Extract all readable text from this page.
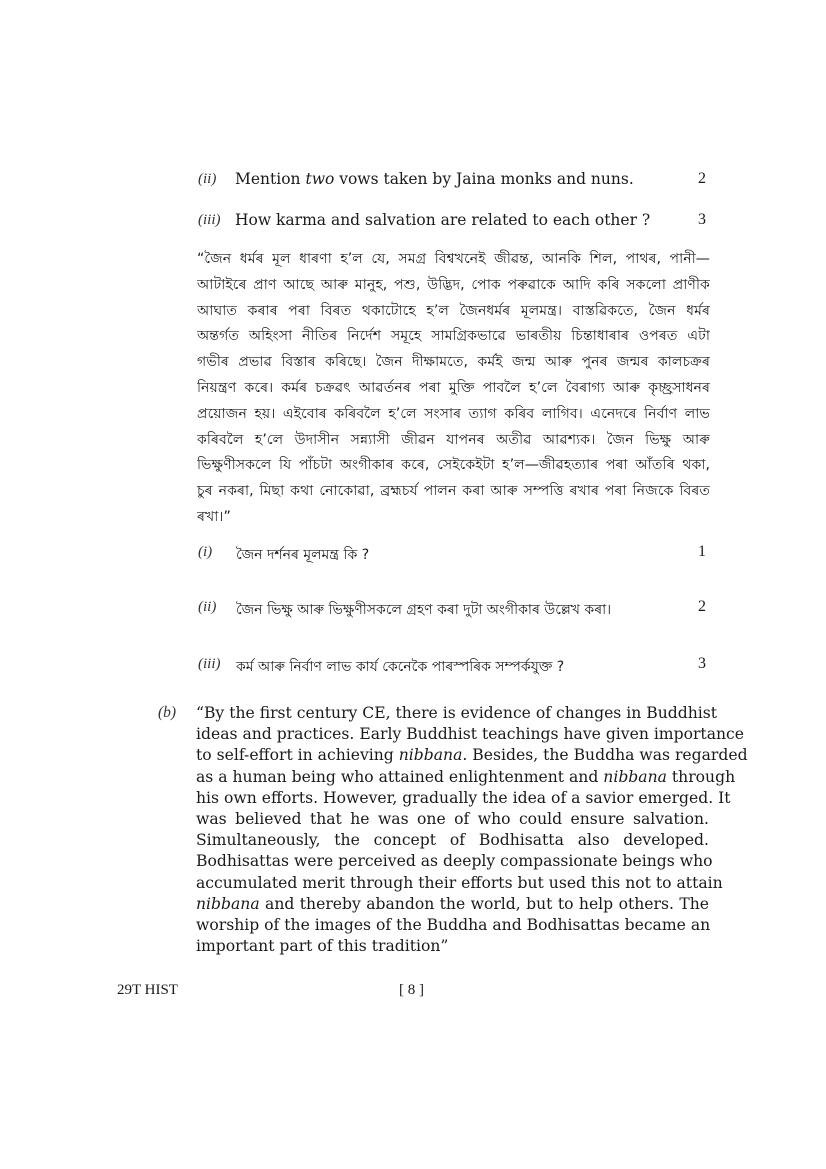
(ii) Mention two vows taken by Jaina monks and nuns.	2
(iii) How karma and salvation are related to each other ?	3
“জৈন ধৰ্মৰ মূল ধাৰণা হ’ল যে, সমগ্ৰ বিশ্বখনেই জীৱন্ত, আনকি শিল, পাথৰ, পানী—
আটাইৰে প্ৰাণ আছে আৰু মানুহ, পশু, উদ্ভিদ, পোক পৰুৱাকে আদি কৰি সকলো প্ৰাণীক
আঘাত কৰাৰ পৰা বিৰত থকাটোহে হ’ল জৈনধৰ্মৰ মূলমন্ত্ৰ। বাস্তৱিকতে, জৈন ধৰ্মৰ
অন্তৰ্গত অহিংসা নীতিৰ নিৰ্দেশ সমূহে সামগ্ৰিকভাৱে ভাৰতীয় চিন্তাধাৰাৰ ওপৰত এটা
গভীৰ প্ৰভাৱ বিস্তাৰ কৰিছে। জৈন দীক্ষামতে, কৰ্মই জন্ম আৰু পুনৰ জন্মৰ কালচক্ৰৰ
নিয়ন্ত্ৰণ কৰে। কৰ্মৰ চক্ৰৱৎ আৱৰ্তনৰ পৰা মুক্তি পাবলৈ হ’লে বৈৰাগ্য আৰু কৃচ্ছ্ৰসাধনৰ
প্ৰয়োজন হয়। এইবোৰ কৰিবলৈ হ’লে সংসাৰ ত্যাগ কৰিব লাগিব। এনেদৰে নিৰ্বাণ লাভ
কৰিবলৈ হ’লে উদাসীন সন্ন্যাসী জীৱন যাপনৰ অতীৱ আৱশ্যক। জৈন ভিক্ষু আৰু
ভিক্ষুণীসকলে যি পাঁচটা অংগীকাৰ কৰে, সেইকেইটা হ’ল—জীৱহত্যাৰ পৰা আঁতৰি থকা,
চুৰ নকৰা, মিছা কথা নোকোৱা, ব্ৰহ্মচৰ্য পালন কৰা আৰু সম্পত্তি ৰখাৰ পৰা নিজকে বিৰত
ৰখা।”
(i) জৈন দৰ্শনৰ মূলমন্ত্ৰ কি ?	1
(ii) জৈন ভিক্ষু আৰু ভিক্ষুণীসকলে গ্ৰহণ কৰা দুটা অংগীকাৰ উল্লেখ কৰা।	2
(iii) কৰ্ম আৰু নিৰ্বাণ লাভ কাৰ্য কেনেকৈ পাৰস্পৰিক সম্পৰ্কযুক্ত ?	3
(b) “By the first century CE, there is evidence of changes in Buddhist
ideas and practices. Early Buddhist teachings have given importance
to self-effort in achieving nibbana. Besides, the Buddha was regarded
as a human being who attained enlightenment and nibbana through
his own efforts. However, gradually the idea of a savior emerged. It
was believed that he was one of who could ensure salvation.
Simultaneously, the concept of Bodhisatta also developed.
Bodhisattas were perceived as deeply compassionate beings who
accumulated merit through their efforts but used this not to attain
nibbana and thereby abandon the world, but to help others. The
worship of the images of the Buddha and Bodhisattas became an
important part of this tradition”
29T HIST	[ 8 ]
